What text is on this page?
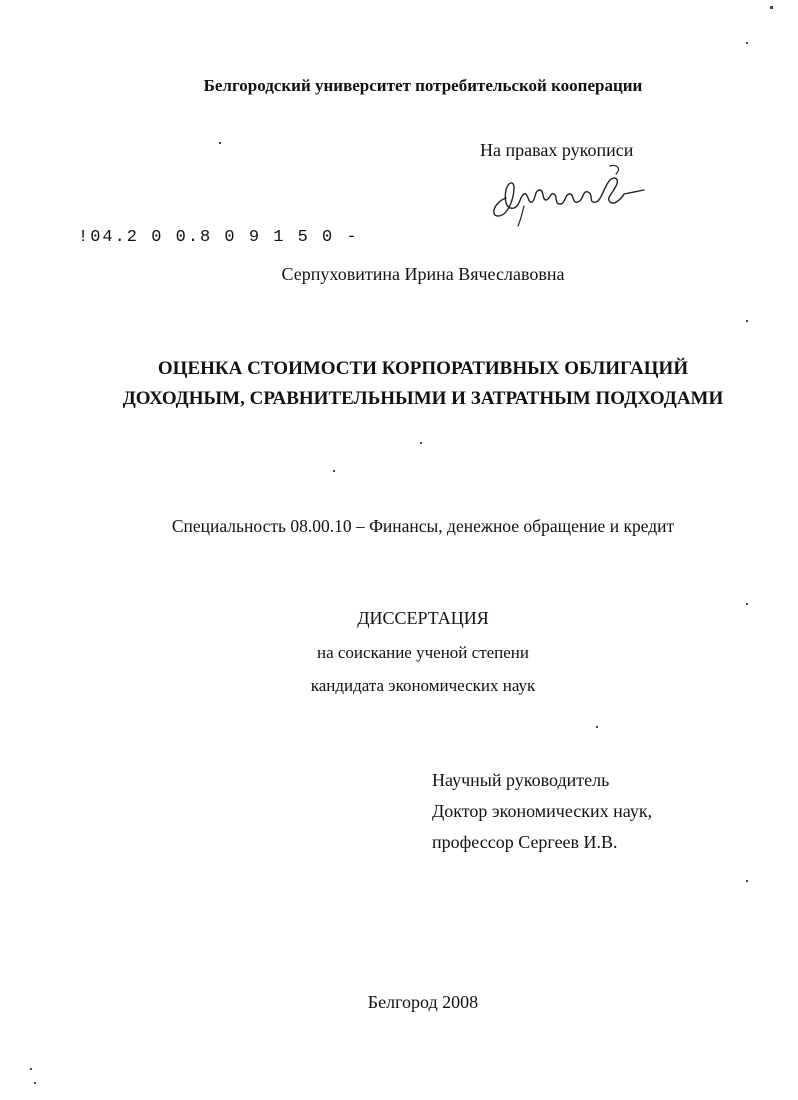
Белгородский университет потребительской кооперации
На правах рукописи
!04.2 0 0.8 0 9 1 5 0 -
Серпуховитина Ирина Вячеславовна
ОЦЕНКА СТОИМОСТИ КОРПОРАТИВНЫХ ОБЛИГАЦИЙ
ДОХОДНЫМ, СРАВНИТЕЛЬНЫМИ И ЗАТРАТНЫМ ПОДХОДАМИ
Специальность 08.00.10 – Финансы, денежное обращение и кредит
ДИССЕРТАЦИЯ
на соискание ученой степени
кандидата экономических наук
Научный руководитель
Доктор экономических наук,
профессор Сергеев И.В.
Белгород 2008
